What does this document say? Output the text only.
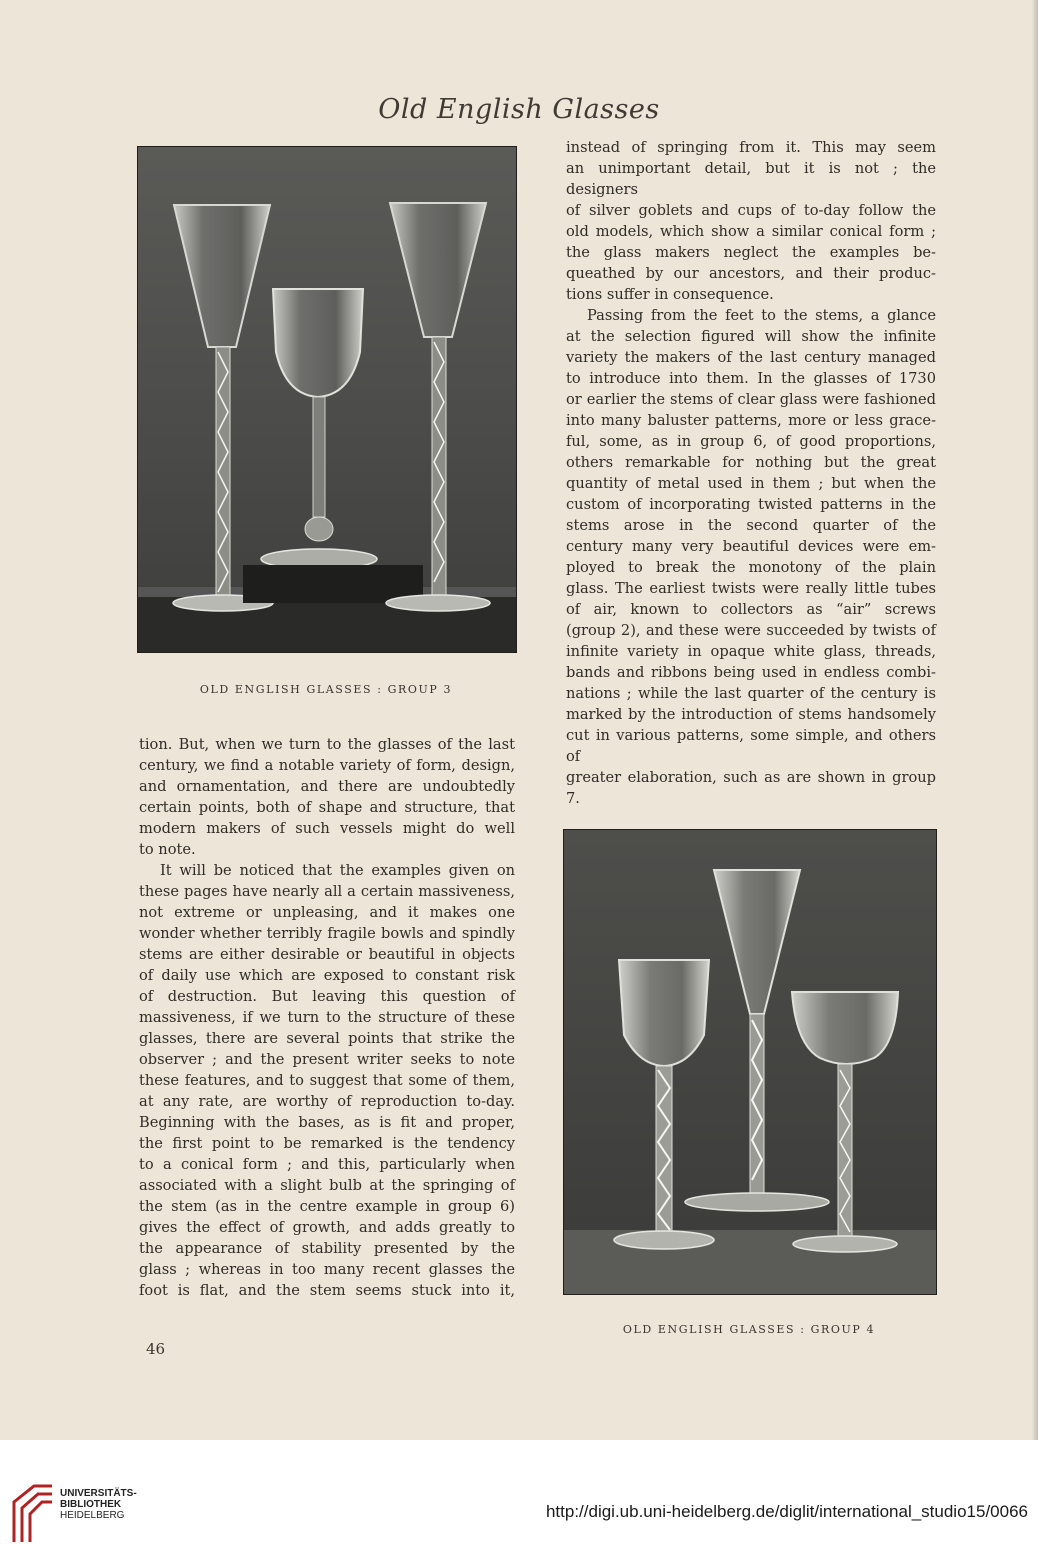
Old English Glasses
OLD ENGLISH GLASSES : GROUP 3

instead of springing from it. This may seem
an unimportant detail, but it is not ; the designers
of silver goblets and cups of to-day follow the
old models, which show a similar conical form ;
the glass makers neglect the examples be-
queathed by our ancestors, and their produc-
tions suffer in consequence.

Passing from the feet to the stems, a glance
at the selection figured will show the infinite
variety the makers of the last century managed
to introduce into them. In the glasses of 1730
or earlier the stems of clear glass were fashioned
into many baluster patterns, more or less grace-
ful, some, as in group 6, of good proportions,
others remarkable for nothing but the great
quantity of metal used in them ; but when the
custom of incorporating twisted patterns in the
stems arose in the second quarter of the
century many very beautiful devices were em-
ployed to break the monotony of the plain
glass. The earliest twists were really little tubes
of air, known to collectors as “air” screws
(group 2), and these were succeeded by twists of
infinite variety in opaque white glass, threads,
bands and ribbons being used in endless combi-
nations ; while the last quarter of the century is
marked by the introduction of stems handsomely
cut in various patterns, some simple, and others of
greater elaboration, such as are shown in group 7.

tion. But, when we turn to the glasses of the last
century, we find a notable variety of form, design,
and ornamentation, and there are undoubtedly
certain points, both of shape and structure, that
modern makers of such vessels might do well
to note.

It will be noticed that the examples given on
these pages have nearly all a certain massiveness,
not extreme or unpleasing, and it makes one
wonder whether terribly fragile bowls and spindly
stems are either desirable or beautiful in objects
of daily use which are exposed to constant risk
of destruction. But leaving this question of
massiveness, if we turn to the structure of these
glasses, there are several points that strike the
observer ; and the present writer seeks to note
these features, and to suggest that some of them,
at any rate, are worthy of reproduction to-day.
Beginning with the bases, as is fit and proper,
the first point to be remarked is the tendency
to a conical form ; and this, particularly when
associated with a slight bulb at the springing of
the stem (as in the centre example in group 6)
gives the effect of growth, and adds greatly to
the appearance of stability presented by the
glass ; whereas in too many recent glasses the
foot is flat, and the stem seems stuck into it,

OLD ENGLISH GLASSES : GROUP 4
46
UNIVERSITÄTS-
BIBLIOTHEK
HEIDELBERG	http://digi.ub.uni-heidelberg.de/diglit/international_studio15/0066
